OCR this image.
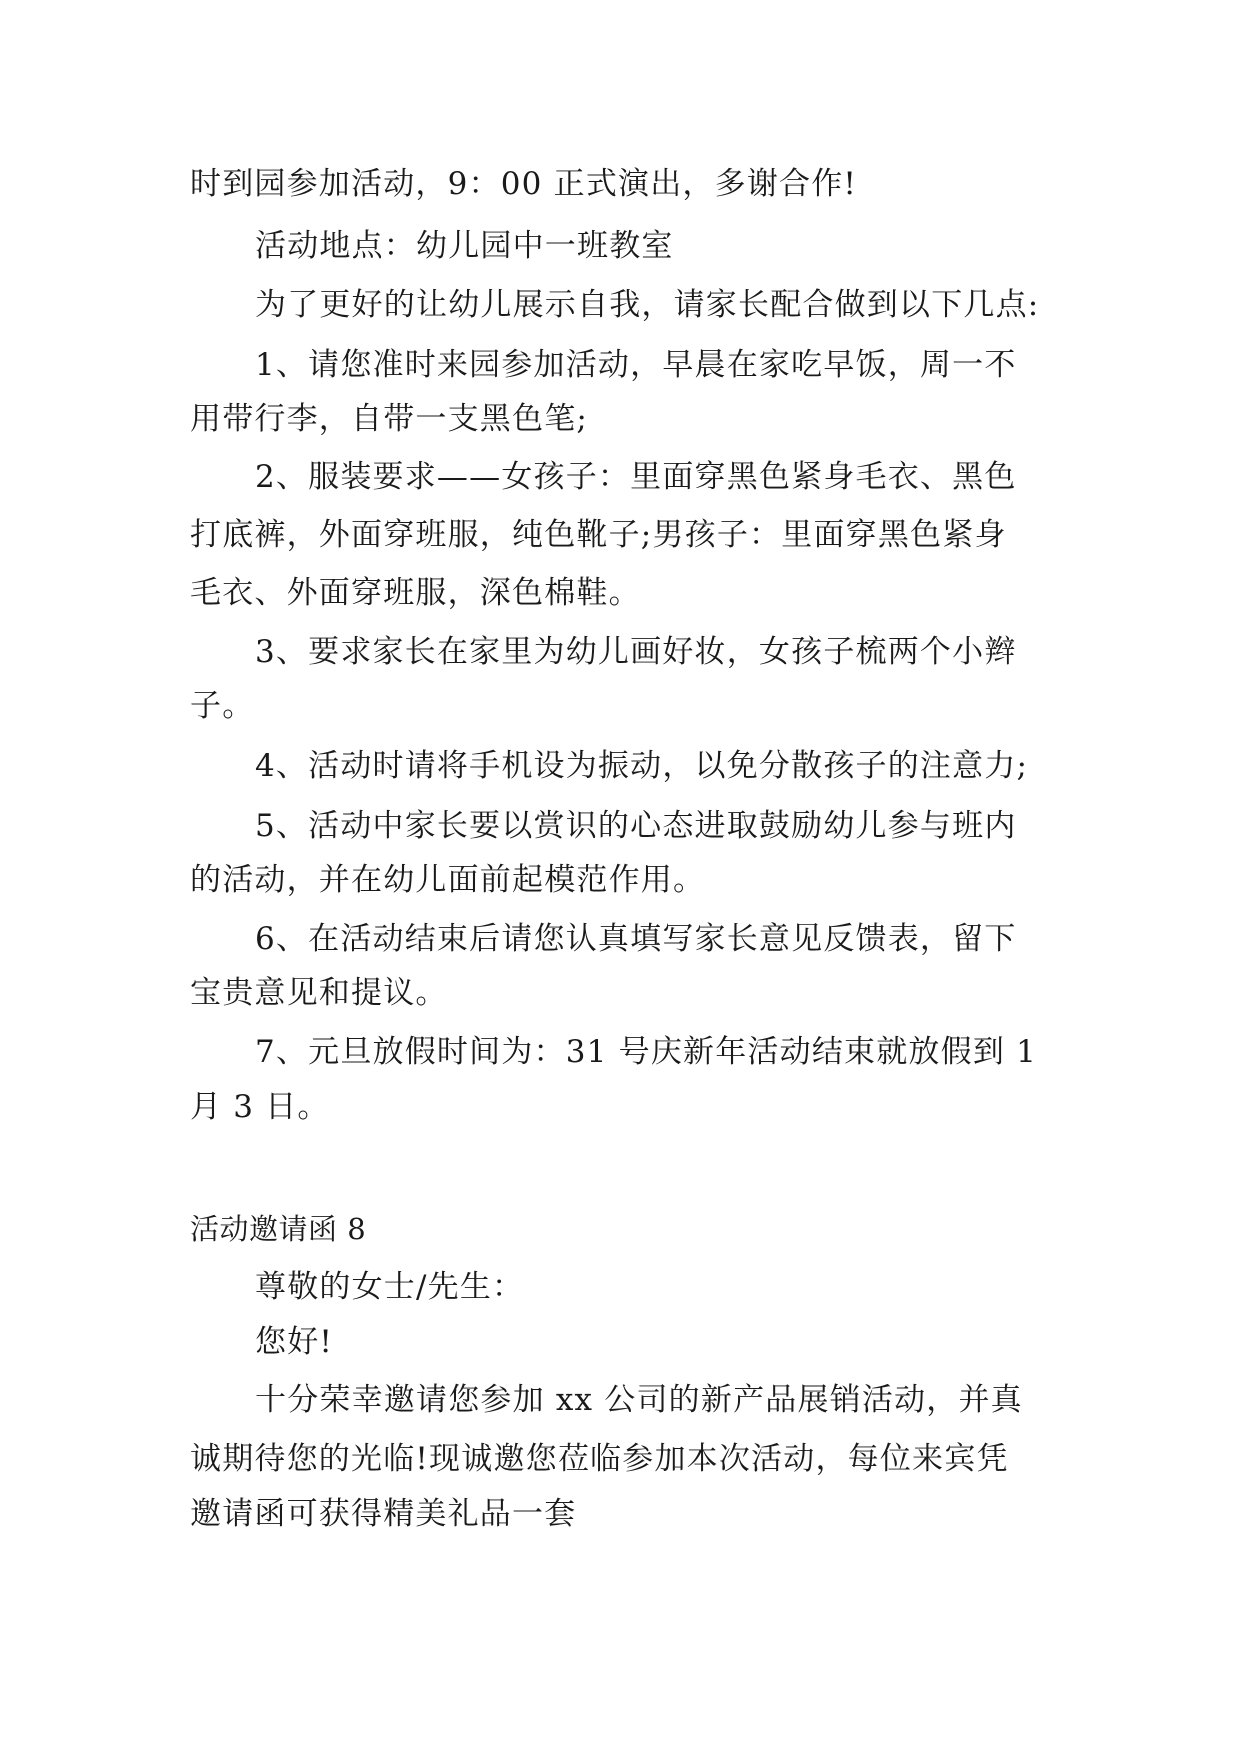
时到园参加活动，9：00 正式演出，多谢合作!
活动地点：幼儿园中一班教室
为了更好的让幼儿展示自我，请家长配合做到以下几点:
1、请您准时来园参加活动，早晨在家吃早饭，周一不
用带行李，自带一支黑色笔;
2、服装要求——女孩子：里面穿黑色紧身毛衣、黑色
打底裤，外面穿班服，纯色靴子;男孩子：里面穿黑色紧身
毛衣、外面穿班服，深色棉鞋。
3、要求家长在家里为幼儿画好妆，女孩子梳两个小辫
子。
4、活动时请将手机设为振动，以免分散孩子的注意力;
5、活动中家长要以赏识的心态进取鼓励幼儿参与班内
的活动，并在幼儿面前起模范作用。
6、在活动结束后请您认真填写家长意见反馈表，留下
宝贵意见和提议。
7、元旦放假时间为：31 号庆新年活动结束就放假到 1
月 3 日。
活动邀请函 8
尊敬的女士/先生：
您好!
十分荣幸邀请您参加 xx 公司的新产品展销活动，并真
诚期待您的光临!现诚邀您莅临参加本次活动，每位来宾凭
邀请函可获得精美礼品一套
